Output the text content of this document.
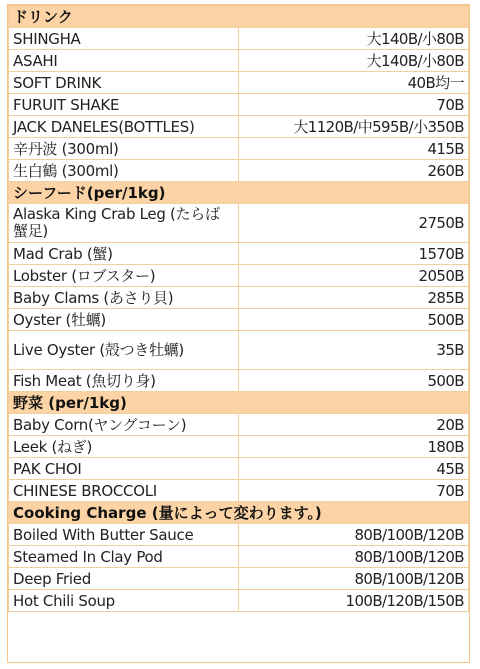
ドリンク	
SHINGHA	大140B/小80B
ASAHI	大140B/小80B
SOFT DRINK	40B均一
FURUIT SHAKE	70B
JACK DANELES(BOTTLES)	大1120B/中595B/小350B
辛丹波 (300ml)	415B
生白鶴 (300ml)	260B
シーフード(per/1kg)	
Alaska King Crab Leg (たらば蟹足)	2750B
Mad Crab (蟹)	1570B
Lobster (ロブスター)	2050B
Baby Clams (あさり貝)	285B
Oyster (牡蠣)	500B
Live Oyster (殻つき牡蠣)	35B
Fish Meat (魚切り身)	500B
野菜 (per/1kg)	
Baby Corn(ヤングコーン)	20B
Leek (ねぎ)	180B
PAK CHOI	45B
CHINESE BROCCOLI	70B
Cooking Charge (量によって変わります。)	
Boiled With Butter Sauce	80B/100B/120B
Steamed In Clay Pod	80B/100B/120B
Deep Fried	80B/100B/120B
Hot Chili Soup	100B/120B/150B
